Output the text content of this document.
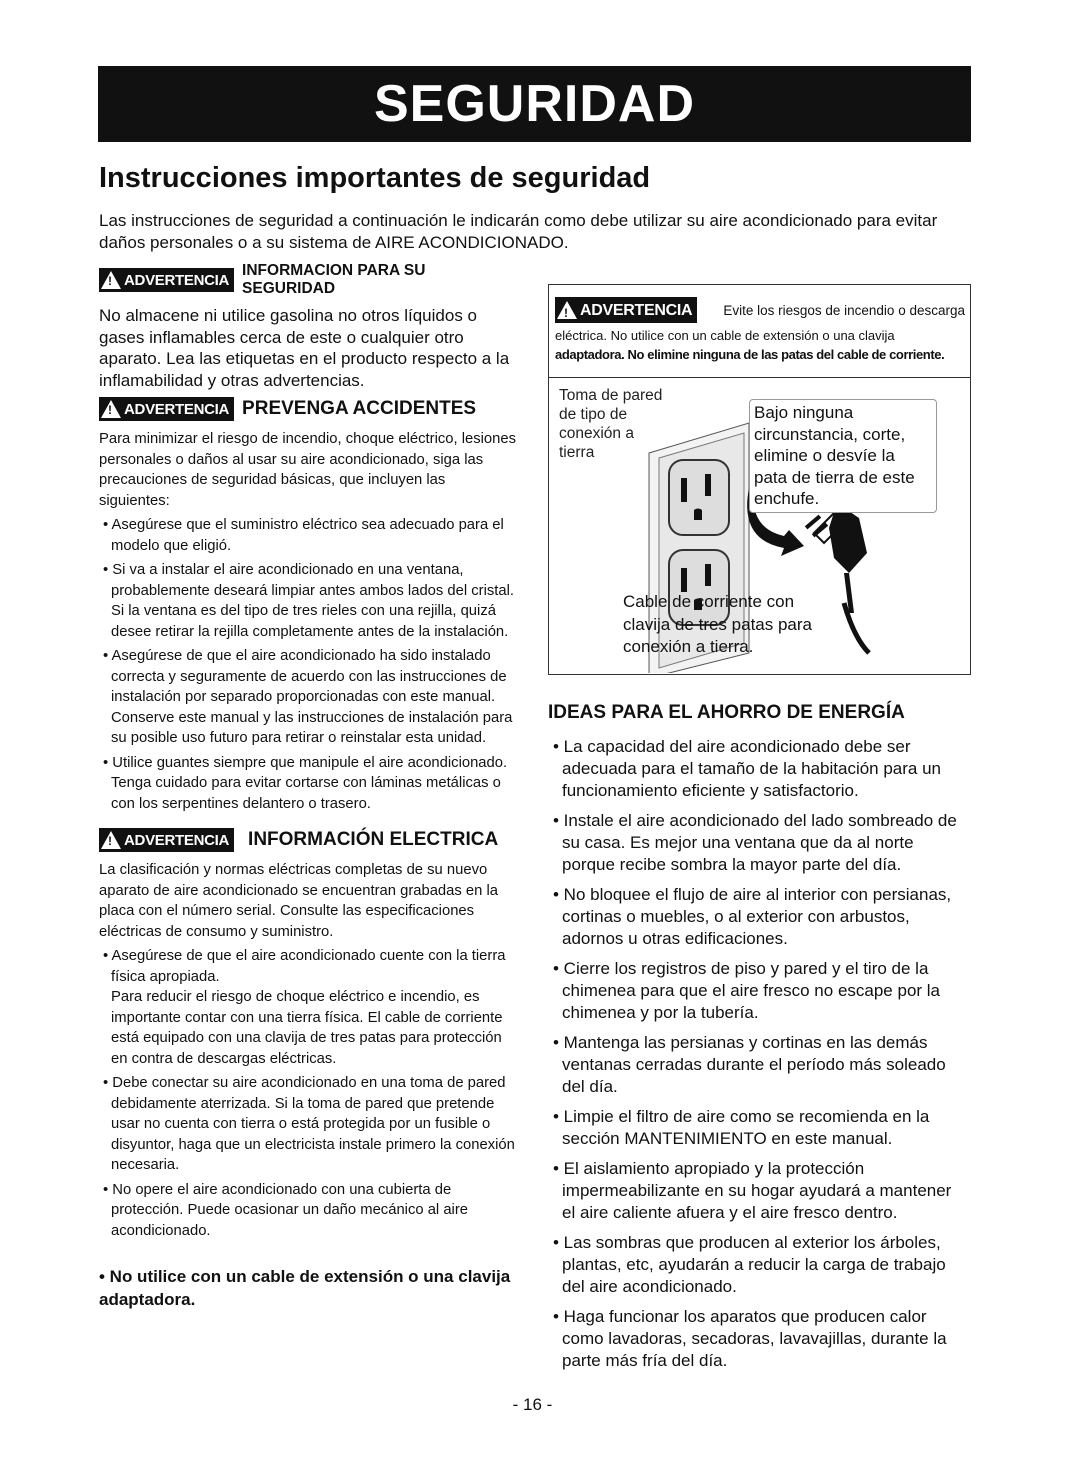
SEGURIDAD
Instrucciones importantes de seguridad
Las instrucciones de seguridad a continuación le indicarán como debe utilizar su aire acondicionado para evitar daños personales o a su sistema de AIRE ACONDICIONADO.
!
ADVERTENCIA
INFORMACION PARA SU SEGURIDAD
No almacene ni utilice gasolina no otros líquidos o gases inflamables cerca de este o cualquier otro aparato. Lea las etiquetas en el producto respecto a la inflamabilidad y otras advertencias.
!
ADVERTENCIA PREVENGA ACCIDENTES
Para minimizar el riesgo de incendio, choque eléctrico, lesiones personales o daños al usar su aire acondicionado, siga las precauciones de seguridad básicas, que incluyen las siguientes:
• Asegúrese que el suministro eléctrico sea adecuado para el modelo que eligió.
• Si va a instalar el aire acondicionado en una ventana, probablemente deseará limpiar antes ambos lados del cristal. Si la ventana es del tipo de tres rieles con una rejilla, quizá desee retirar la rejilla completamente antes de la instalación.
• Asegúrese de que el aire acondicionado ha sido instalado correcta y seguramente de acuerdo con las instrucciones de instalación por separado proporcionadas con este manual.
Conserve este manual y las instrucciones de instalación para su posible uso futuro para retirar o reinstalar esta unidad.
• Utilice guantes siempre que manipule el aire acondicionado. Tenga cuidado para evitar cortarse con láminas metálicas o con los serpentines delantero o trasero.
!
ADVERTENCIA INFORMACIÓN ELECTRICA
La clasificación y normas eléctricas completas de su nuevo aparato de aire acondicionado se encuentran grabadas en la placa con el número serial. Consulte las especificaciones eléctricas de consumo y suministro.
• Asegúrese de que el aire acondicionado cuente con la tierra física apropiada.
Para reducir el riesgo de choque eléctrico e incendio, es importante contar con una tierra física. El cable de corriente está equipado con una clavija de tres patas para protección en contra de descargas eléctricas.
• Debe conectar su aire acondicionado en una toma de pared debidamente aterrizada. Si la toma de pared que pretende usar no cuenta con tierra o está protegida por un fusible o disyuntor, haga que un electricista instale primero la conexión necesaria.
• No opere el aire acondicionado con una cubierta de protección. Puede ocasionar un daño mecánico al aire acondicionado.
• No utilice con un cable de extensión o una clavija adaptadora.
!
ADVERTENCIA Evite los riesgos de incendio o descarga
eléctrica. No utilice con un cable de extensión o una clavija
adaptadora. No elimine ninguna de las patas del cable de corriente.
Toma de pared de tipo de conexión a tierra
Bajo ninguna circunstancia, corte, elimine o desvíe la pata de tierra de este enchufe.
Cable de corriente con clavija de tres patas para conexión a tierra.
IDEAS PARA EL AHORRO DE ENERGÍA
• La capacidad del aire acondicionado debe ser adecuada para el tamaño de la habitación para un funcionamiento eficiente y satisfactorio.
• Instale el aire acondicionado del lado sombreado de su casa. Es mejor una ventana que da al norte porque recibe sombra la mayor parte del día.
• No bloquee el flujo de aire al interior con persianas, cortinas o muebles, o al exterior con arbustos, adornos u otras edificaciones.
• Cierre los registros de piso y pared y el tiro de la chimenea para que el aire fresco no escape por la chimenea y por la tubería.
• Mantenga las persianas y cortinas en las demás ventanas cerradas durante el período más soleado del día.
• Limpie el filtro de aire como se recomienda en la sección MANTENIMIENTO en este manual.
• El aislamiento apropiado y la protección impermeabilizante en su hogar ayudará a mantener el aire caliente afuera y el aire fresco dentro.
• Las sombras que producen al exterior los árboles, plantas, etc, ayudarán a reducir la carga de trabajo del aire acondicionado.
• Haga funcionar los aparatos que producen calor como lavadoras, secadoras, lavavajillas, durante la parte más fría del día.
- 16 -
